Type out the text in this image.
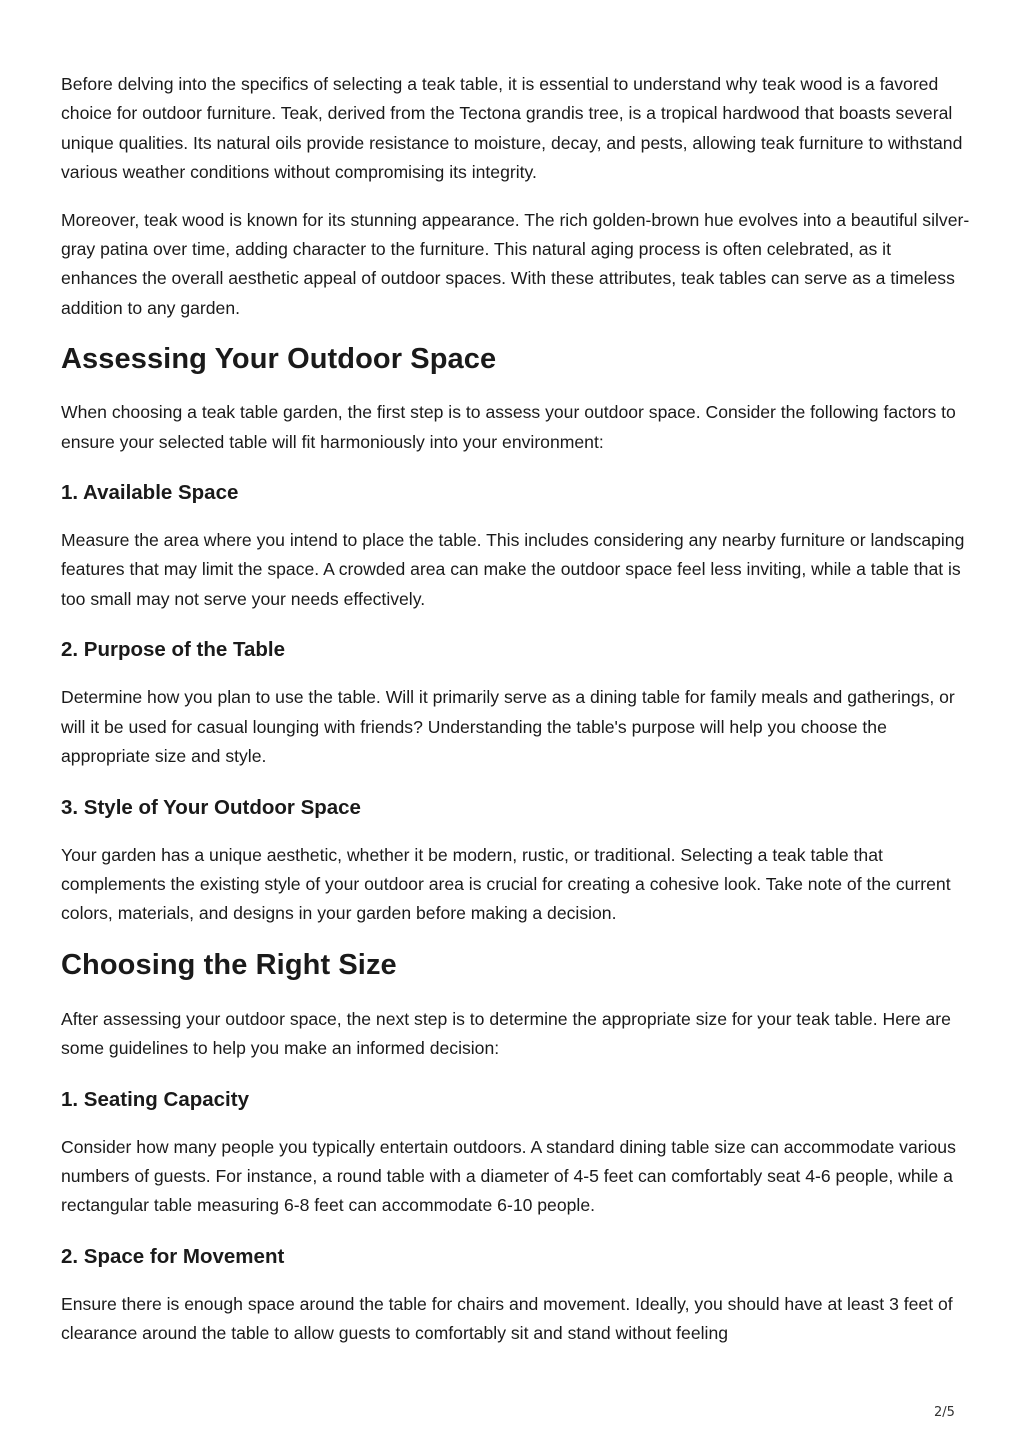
Before delving into the specifics of selecting a teak table, it is essential to understand why teak wood is a favored choice for outdoor furniture. Teak, derived from the Tectona grandis tree, is a tropical hardwood that boasts several unique qualities. Its natural oils provide resistance to moisture, decay, and pests, allowing teak furniture to withstand various weather conditions without compromising its integrity.

Moreover, teak wood is known for its stunning appearance. The rich golden-brown hue evolves into a beautiful silver-gray patina over time, adding character to the furniture. This natural aging process is often celebrated, as it enhances the overall aesthetic appeal of outdoor spaces. With these attributes, teak tables can serve as a timeless addition to any garden.

Assessing Your Outdoor Space

When choosing a teak table garden, the first step is to assess your outdoor space. Consider the following factors to ensure your selected table will fit harmoniously into your environment:

1. Available Space

Measure the area where you intend to place the table. This includes considering any nearby furniture or landscaping features that may limit the space. A crowded area can make the outdoor space feel less inviting, while a table that is too small may not serve your needs effectively.

2. Purpose of the Table

Determine how you plan to use the table. Will it primarily serve as a dining table for family meals and gatherings, or will it be used for casual lounging with friends? Understanding the table's purpose will help you choose the appropriate size and style.

3. Style of Your Outdoor Space

Your garden has a unique aesthetic, whether it be modern, rustic, or traditional. Selecting a teak table that complements the existing style of your outdoor area is crucial for creating a cohesive look. Take note of the current colors, materials, and designs in your garden before making a decision.

Choosing the Right Size

After assessing your outdoor space, the next step is to determine the appropriate size for your teak table. Here are some guidelines to help you make an informed decision:

1. Seating Capacity

Consider how many people you typically entertain outdoors. A standard dining table size can accommodate various numbers of guests. For instance, a round table with a diameter of 4-5 feet can comfortably seat 4-6 people, while a rectangular table measuring 6-8 feet can accommodate 6-10 people.

2. Space for Movement

Ensure there is enough space around the table for chairs and movement. Ideally, you should have at least 3 feet of clearance around the table to allow guests to comfortably sit and stand without feeling

2/5
